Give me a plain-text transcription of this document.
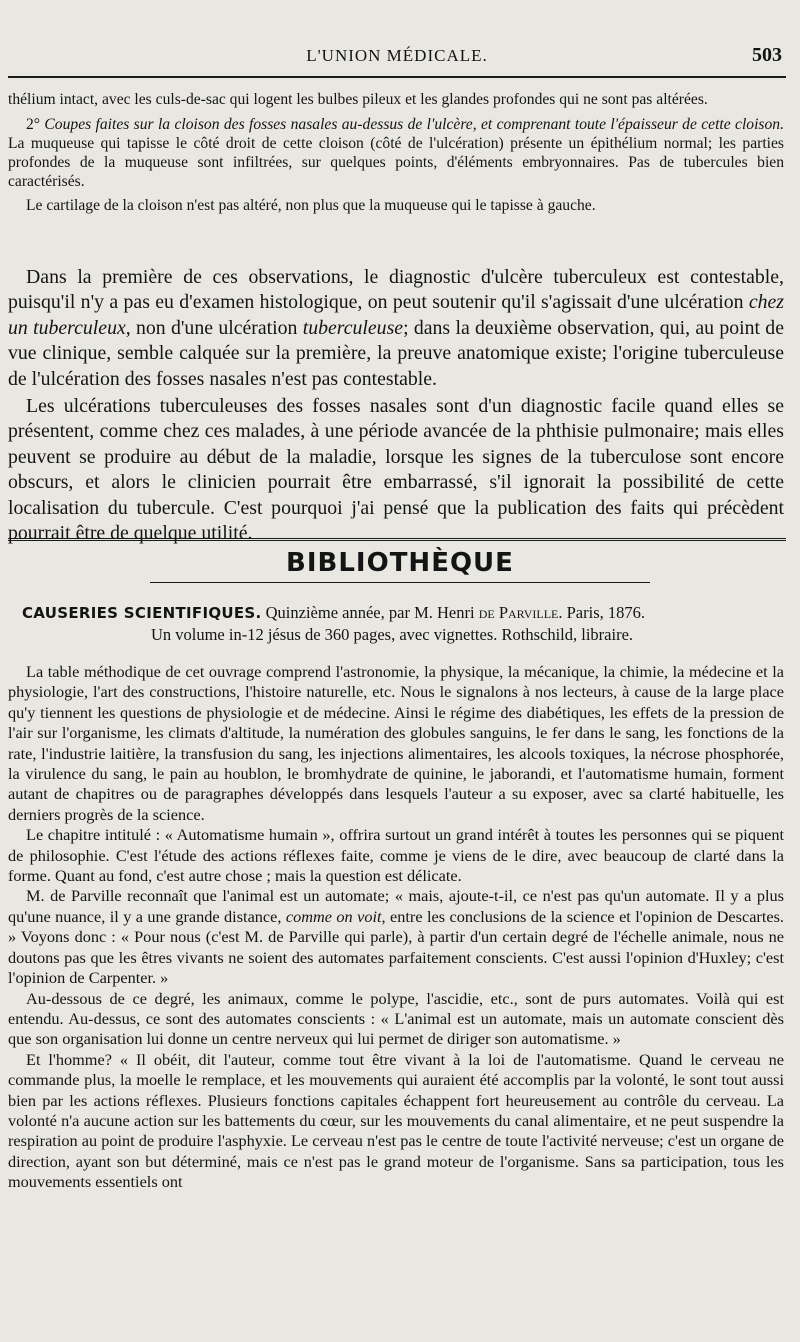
L'UNION MÉDICALE.	503

thélium intact, avec les culs-de-sac qui logent les bulbes pileux et les glandes profondes qui ne sont pas altérées.

2° Coupes faites sur la cloison des fosses nasales au-dessus de l'ulcère, et comprenant toute l'épaisseur de cette cloison. La muqueuse qui tapisse le côté droit de cette cloison (côté de l'ulcération) présente un épithélium normal; les parties profondes de la muqueuse sont infiltrées, sur quelques points, d'éléments embryonnaires. Pas de tubercules bien caractérisés.

Le cartilage de la cloison n'est pas altéré, non plus que la muqueuse qui le tapisse à gauche.

Dans la première de ces observations, le diagnostic d'ulcère tuberculeux est contestable, puisqu'il n'y a pas eu d'examen histologique, on peut soutenir qu'il s'agissait d'une ulcération chez un tuberculeux, non d'une ulcération tuberculeuse; dans la deuxième observation, qui, au point de vue clinique, semble calquée sur la première, la preuve anatomique existe; l'origine tuberculeuse de l'ulcération des fosses nasales n'est pas contestable.

Les ulcérations tuberculeuses des fosses nasales sont d'un diagnostic facile quand elles se présentent, comme chez ces malades, à une période avancée de la phthisie pulmonaire; mais elles peuvent se produire au début de la maladie, lorsque les signes de la tuberculose sont encore obscurs, et alors le clinicien pourrait être embarrassé, s'il ignorait la possibilité de cette localisation du tubercule. C'est pourquoi j'ai pensé que la publication des faits qui précèdent pourrait être de quelque utilité.

BIBLIOTHÈQUE
CAUSERIES SCIENTIFIQUES. Quinzième année, par M. Henri de Parville. Paris, 1876.
Un volume in-12 jésus de 360 pages, avec vignettes. Rothschild, libraire.

La table méthodique de cet ouvrage comprend l'astronomie, la physique, la mécanique, la chimie, la médecine et la physiologie, l'art des constructions, l'histoire naturelle, etc. Nous le signalons à nos lecteurs, à cause de la large place qu'y tiennent les questions de physiologie et de médecine. Ainsi le régime des diabétiques, les effets de la pression de l'air sur l'organisme, les climats d'altitude, la numération des globules sanguins, le fer dans le sang, les fonctions de la rate, l'industrie laitière, la transfusion du sang, les injections alimentaires, les alcools toxiques, la nécrose phosphorée, la virulence du sang, le pain au houblon, le bromhydrate de quinine, le jaborandi, et l'automatisme humain, forment autant de chapitres ou de paragraphes développés dans lesquels l'auteur a su exposer, avec sa clarté habituelle, les derniers progrès de la science.

Le chapitre intitulé : « Automatisme humain », offrira surtout un grand intérêt à toutes les personnes qui se piquent de philosophie. C'est l'étude des actions réflexes faite, comme je viens de le dire, avec beaucoup de clarté dans la forme. Quant au fond, c'est autre chose ; mais la question est délicate.

M. de Parville reconnaît que l'animal est un automate; « mais, ajoute-t-il, ce n'est pas qu'un automate. Il y a plus qu'une nuance, il y a une grande distance, comme on voit, entre les conclusions de la science et l'opinion de Descartes. » Voyons donc : « Pour nous (c'est M. de Parville qui parle), à partir d'un certain degré de l'échelle animale, nous ne doutons pas que les êtres vivants ne soient des automates parfaitement conscients. C'est aussi l'opinion d'Huxley; c'est l'opinion de Carpenter. »

Au-dessous de ce degré, les animaux, comme le polype, l'ascidie, etc., sont de purs automates. Voilà qui est entendu. Au-dessus, ce sont des automates conscients : « L'animal est un automate, mais un automate conscient dès que son organisation lui donne un centre nerveux qui lui permet de diriger son automatisme. »

Et l'homme? « Il obéit, dit l'auteur, comme tout être vivant à la loi de l'automatisme. Quand le cerveau ne commande plus, la moelle le remplace, et les mouvements qui auraient été accomplis par la volonté, le sont tout aussi bien par les actions réflexes. Plusieurs fonctions capitales échappent fort heureusement au contrôle du cerveau. La volonté n'a aucune action sur les battements du cœur, sur les mouvements du canal alimentaire, et ne peut suspendre la respiration au point de produire l'asphyxie. Le cerveau n'est pas le centre de toute l'activité nerveuse; c'est un organe de direction, ayant son but déterminé, mais ce n'est pas le grand moteur de l'organisme. Sans sa participation, tous les mouvements essentiels ont
